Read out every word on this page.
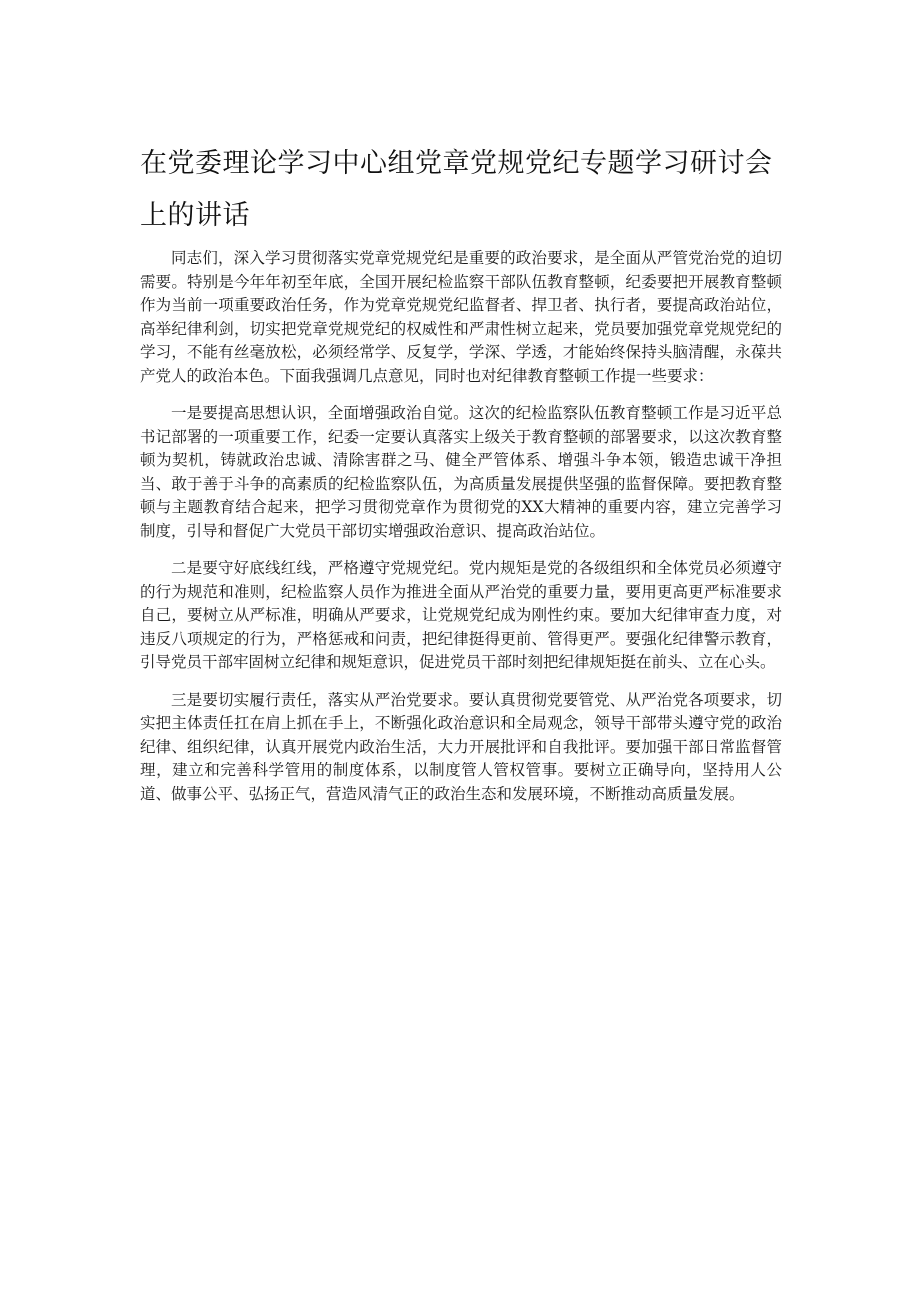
在党委理论学习中心组党章党规党纪专题学习研讨会上的讲话

同志们，深入学习贯彻落实党章党规党纪是重要的政治要求，是全面从严管党治党的迫切需要。特别是今年年初至年底，全国开展纪检监察干部队伍教育整顿，纪委要把开展教育整顿作为当前一项重要政治任务，作为党章党规党纪监督者、捍卫者、执行者，要提高政治站位，高举纪律利剑，切实把党章党规党纪的权威性和严肃性树立起来，党员要加强党章党规党纪的学习，不能有丝毫放松，必须经常学、反复学，学深、学透，才能始终保持头脑清醒，永葆共产党人的政治本色。下面我强调几点意见，同时也对纪律教育整顿工作提一些要求：

一是要提高思想认识，全面增强政治自觉。这次的纪检监察队伍教育整顿工作是习近平总书记部署的一项重要工作，纪委一定要认真落实上级关于教育整顿的部署要求，以这次教育整顿为契机，铸就政治忠诚、清除害群之马、健全严管体系、增强斗争本领，锻造忠诚干净担当、敢于善于斗争的高素质的纪检监察队伍，为高质量发展提供坚强的监督保障。要把教育整顿与主题教育结合起来，把学习贯彻党章作为贯彻党的XX大精神的重要内容，建立完善学习制度，引导和督促广大党员干部切实增强政治意识、提高政治站位。

二是要守好底线红线，严格遵守党规党纪。党内规矩是党的各级组织和全体党员必须遵守的行为规范和准则，纪检监察人员作为推进全面从严治党的重要力量，要用更高更严标准要求自己，要树立从严标准，明确从严要求，让党规党纪成为刚性约束。要加大纪律审查力度，对违反八项规定的行为，严格惩戒和问责，把纪律挺得更前、管得更严。要强化纪律警示教育，引导党员干部牢固树立纪律和规矩意识，促进党员干部时刻把纪律规矩挺在前头、立在心头。

三是要切实履行责任，落实从严治党要求。要认真贯彻党要管党、从严治党各项要求，切实把主体责任扛在肩上抓在手上，不断强化政治意识和全局观念，领导干部带头遵守党的政治纪律、组织纪律，认真开展党内政治生活，大力开展批评和自我批评。要加强干部日常监督管理，建立和完善科学管用的制度体系，以制度管人管权管事。要树立正确导向，坚持用人公道、做事公平、弘扬正气，营造风清气正的政治生态和发展环境，不断推动高质量发展。
